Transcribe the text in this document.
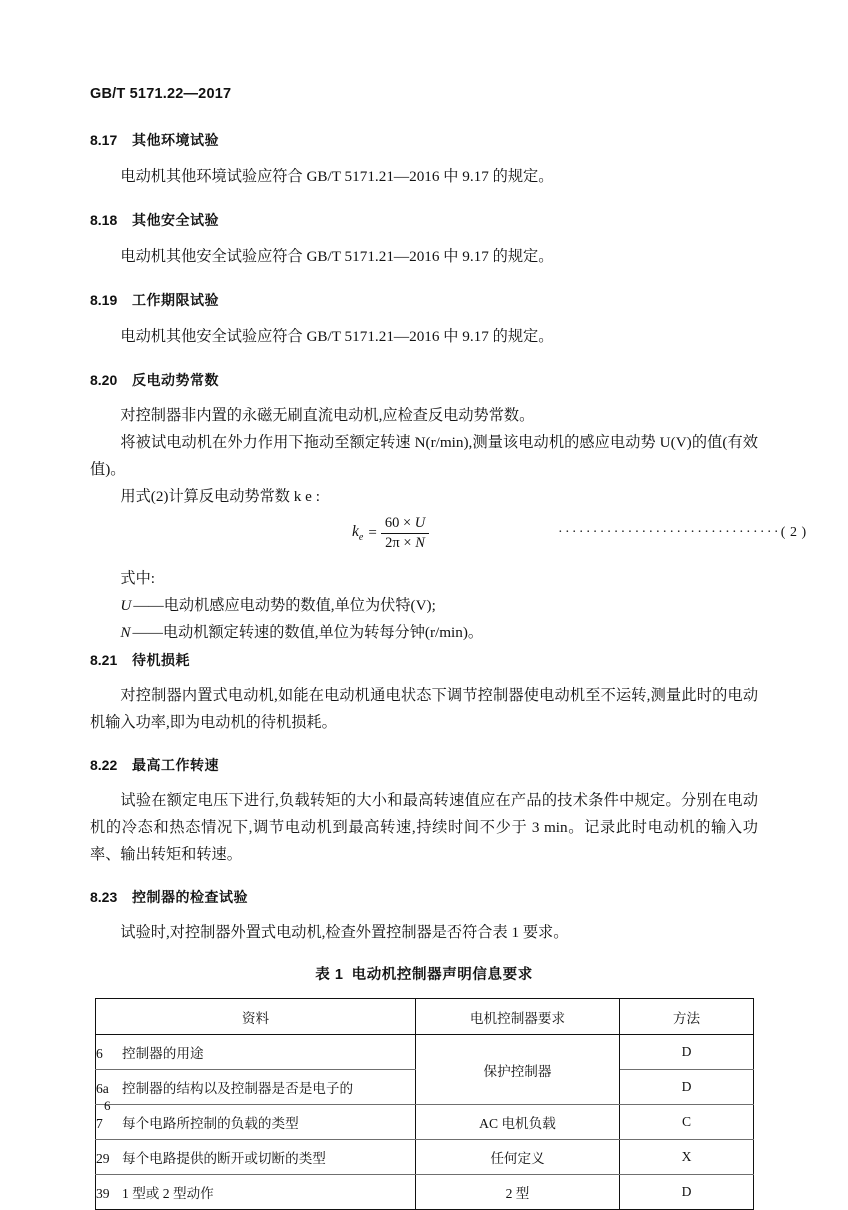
GB/T 5171.22—2017
8.17 其他环境试验

电动机其他环境试验应符合 GB/T 5171.21—2016 中 9.17 的规定。

8.18 其他安全试验

电动机其他安全试验应符合 GB/T 5171.21—2016 中 9.17 的规定。

8.19 工作期限试验

电动机其他安全试验应符合 GB/T 5171.21—2016 中 9.17 的规定。

8.20 反电动势常数

对控制器非内置的永磁无刷直流电动机,应检查反电动势常数。

将被试电动机在外力作用下拖动至额定转速 N(r/min),测量该电动机的感应电动势 U(V)的值(有效值)。

用式(2)计算反电动势常数 k e :

$k_e = \frac{60 \times U}{2\pi \times N}$	································( 2 )
式中:
U ——电动机感应电动势的数值,单位为伏特(V);
N ——电动机额定转速的数值,单位为转每分钟(r/min)。
8.21 待机损耗

对控制器内置式电动机,如能在电动机通电状态下调节控制器使电动机至不运转,测量此时的电动机输入功率,即为电动机的待机损耗。

8.22 最高工作转速

试验在额定电压下进行,负载转矩的大小和最高转速值应在产品的技术条件中规定。分别在电动机的冷态和热态情况下,调节电动机到最高转速,持续时间不少于 3 min。记录此时电动机的输入功率、输出转矩和转速。

8.23 控制器的检查试验

试验时,对控制器外置式电动机,检查外置控制器是否符合表 1 要求。

表 1 电动机控制器声明信息要求
资料	电机控制器要求	方法
6 控制器的用途	保护控制器	D
6a 控制器的结构以及控制器是否是电子的		D
7 每个电路所控制的负载的类型	AC 电机负载	C
29 每个电路提供的断开或切断的类型	任何定义	X
39 1 型或 2 型动作	2 型	D
6
